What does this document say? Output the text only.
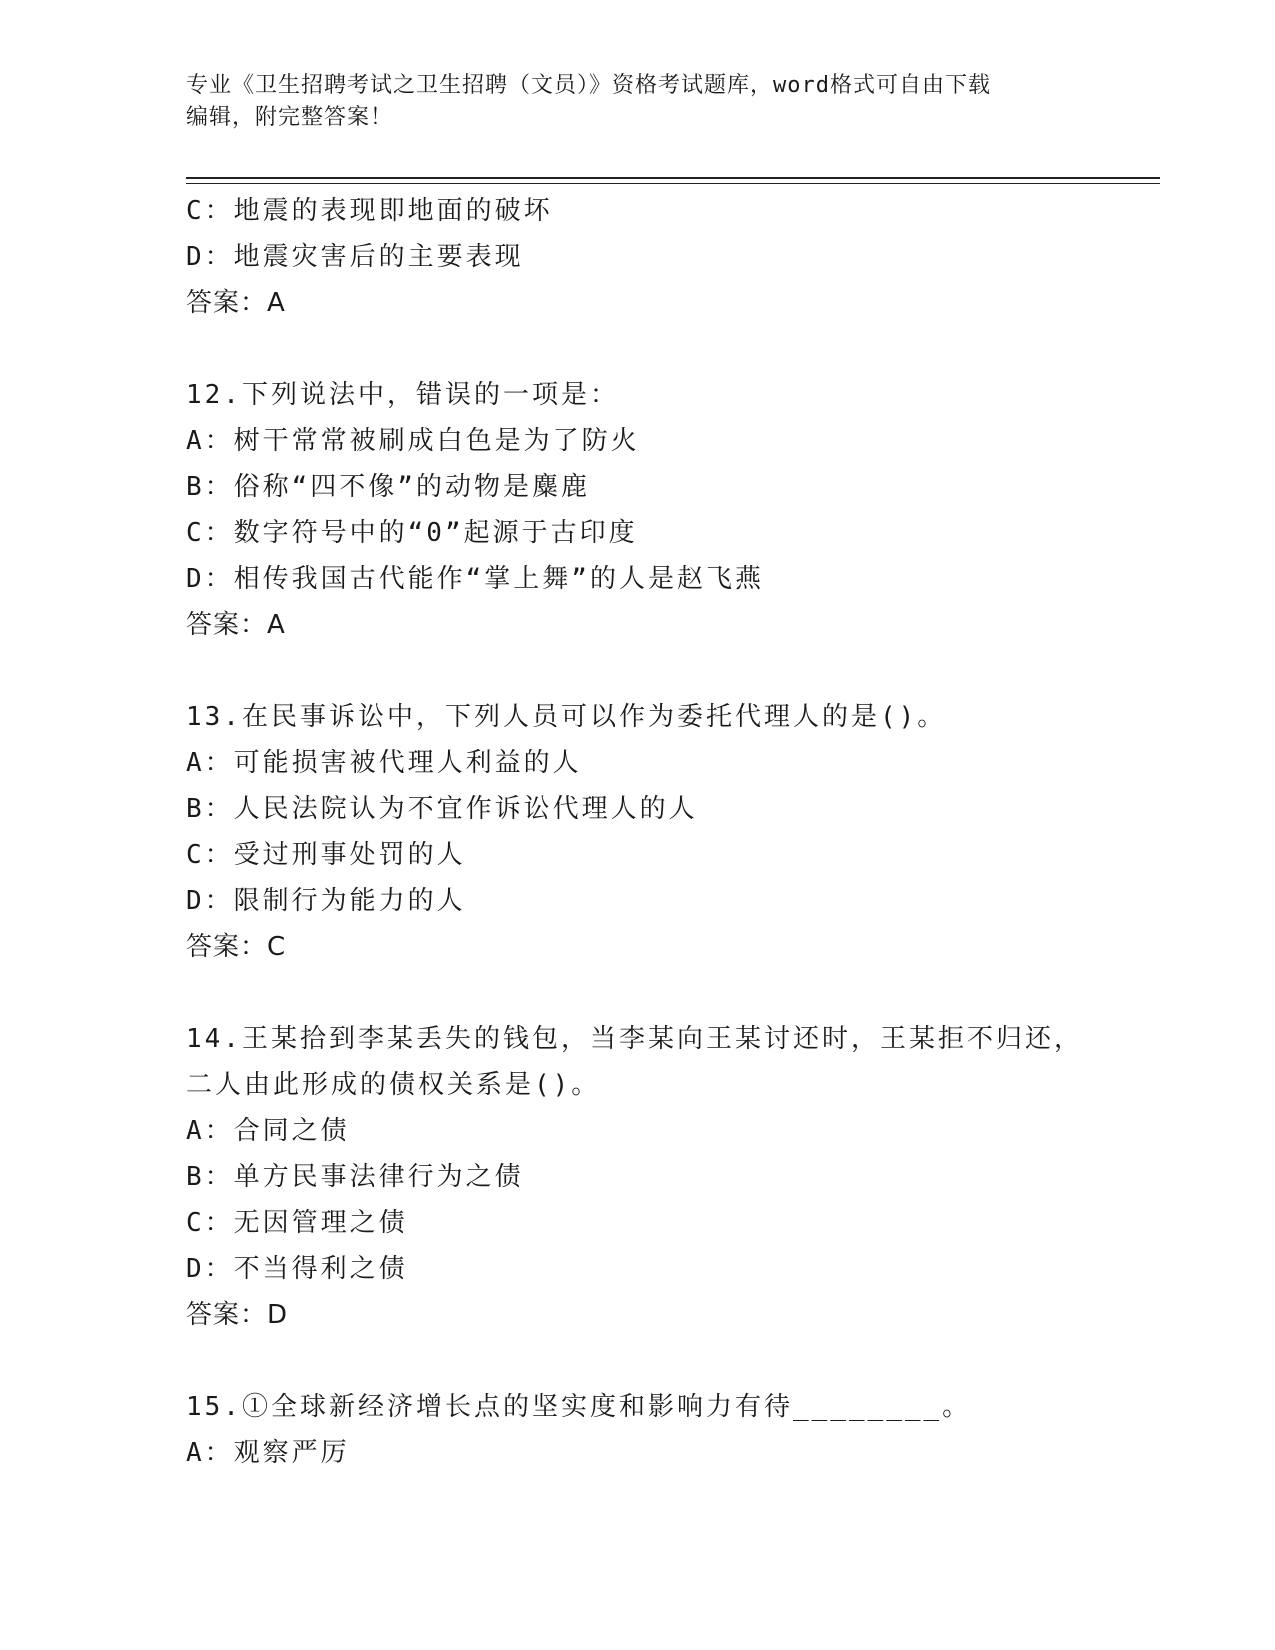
专业《卫生招聘考试之卫生招聘（文员）》资格考试题库，word格式可自由下载
编辑，附完整答案！
C：地震的表现即地面的破坏
D：地震灾害后的主要表现
答案：A
12.下列说法中，错误的一项是：
A：树干常常被刷成白色是为了防火
B：俗称“四不像”的动物是麋鹿
C：数字符号中的“0”起源于古印度
D：相传我国古代能作“掌上舞”的人是赵飞燕
答案：A
13.在民事诉讼中，下列人员可以作为委托代理人的是()。
A：可能损害被代理人利益的人
B：人民法院认为不宜作诉讼代理人的人
C：受过刑事处罚的人
D：限制行为能力的人
答案：C
14.王某拾到李某丢失的钱包，当李某向王某讨还时，王某拒不归还，
二人由此形成的债权关系是()。
A：合同之债
B：单方民事法律行为之债
C：无因管理之债
D：不当得利之债
答案：D
15.①全球新经济增长点的坚实度和影响力有待________。
A：观察严厉
